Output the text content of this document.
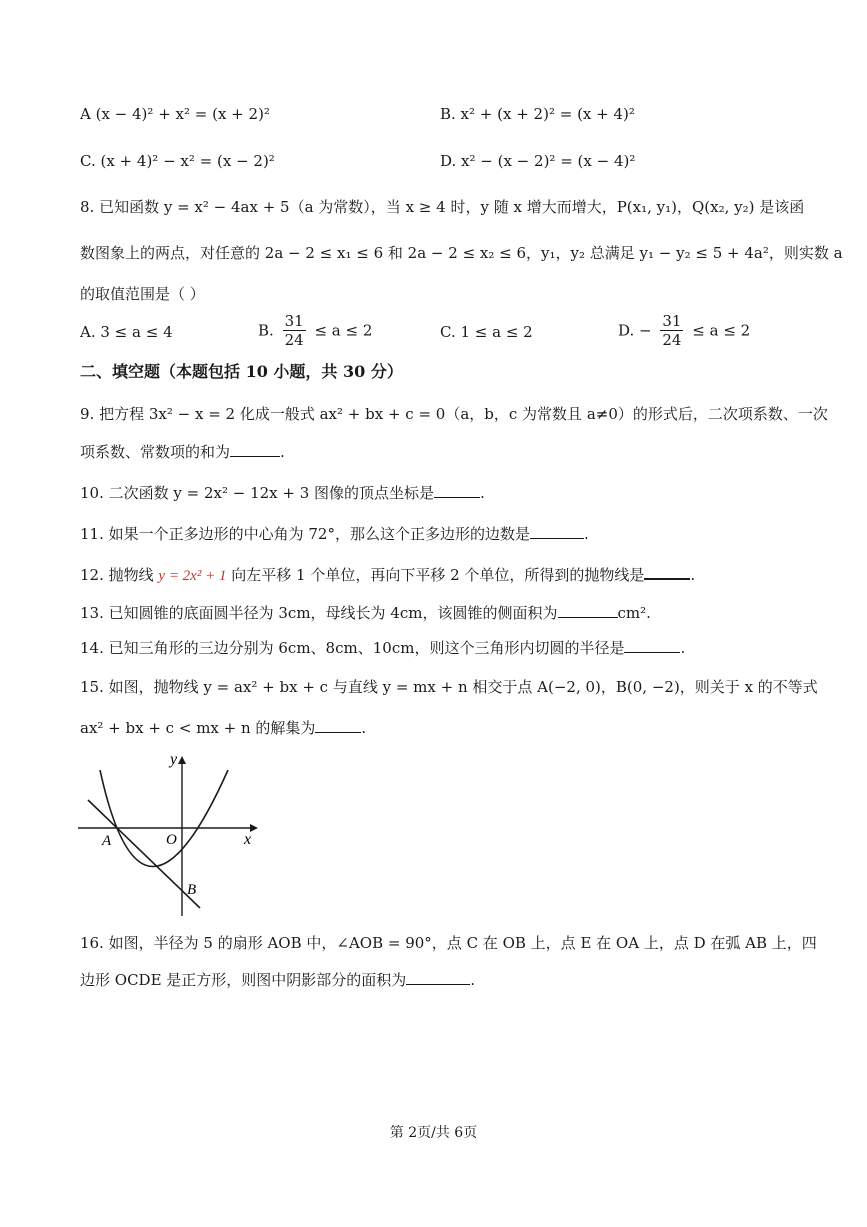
A (x − 4)² + x² = (x + 2)²	B. x² + (x + 2)² = (x + 4)²
C. (x + 4)² − x² = (x − 2)²	D. x² − (x − 2)² = (x − 4)²
8. 已知函数 y = x² − 4ax + 5（a 为常数），当 x ≥ 4 时，y 随 x 增大而增大，P(x₁, y₁)，Q(x₂, y₂) 是该函
数图象上的两点，对任意的 2a − 2 ≤ x₁ ≤ 6 和 2a − 2 ≤ x₂ ≤ 6，y₁，y₂ 总满足 y₁ − y₂ ≤ 5 + 4a²，则实数 a
的取值范围是（ ）
A. 3 ≤ a ≤ 4	B. $\frac{31}{24} \le a \le 2$	C. 1 ≤ a ≤ 2	D. − $\frac{31}{24} \le a \le 2$
二、填空题（本题包括 10 小题，共 30 分）
9. 把方程 3x² − x = 2 化成一般式 ax² + bx + c = 0（a，b，c 为常数且 a≠0）的形式后，二次项系数、一次
项系数、常数项的和为	.
10. 二次函数 y = 2x² − 12x + 3 图像的顶点坐标是	.
11. 如果一个正多边形的中心角为 72°，那么这个正多边形的边数是	.
12. 抛物线 y = 2x² + 1 向左平移 1 个单位，再向下平移 2 个单位，所得到的抛物线是	.
13. 已知圆锥的底面圆半径为 3cm，母线长为 4cm，该圆锥的侧面积为	cm².
14. 已知三角形的三边分别为 6cm、8cm、10cm，则这个三角形内切圆的半径是	.
15. 如图，抛物线 y = ax² + bx + c 与直线 y = mx + n 相交于点 A(−2, 0)，B(0, −2)，则关于 x 的不等式
ax² + bx + c < mx + n 的解集为	.
y
x
O
A
B
16. 如图，半径为 5 的扇形 AOB 中，∠AOB = 90°，点 C 在 OB 上，点 E 在 OA 上，点 D 在弧 AB 上，四
边形 OCDE 是正方形，则图中阴影部分的面积为	.
第 2页/共 6页
